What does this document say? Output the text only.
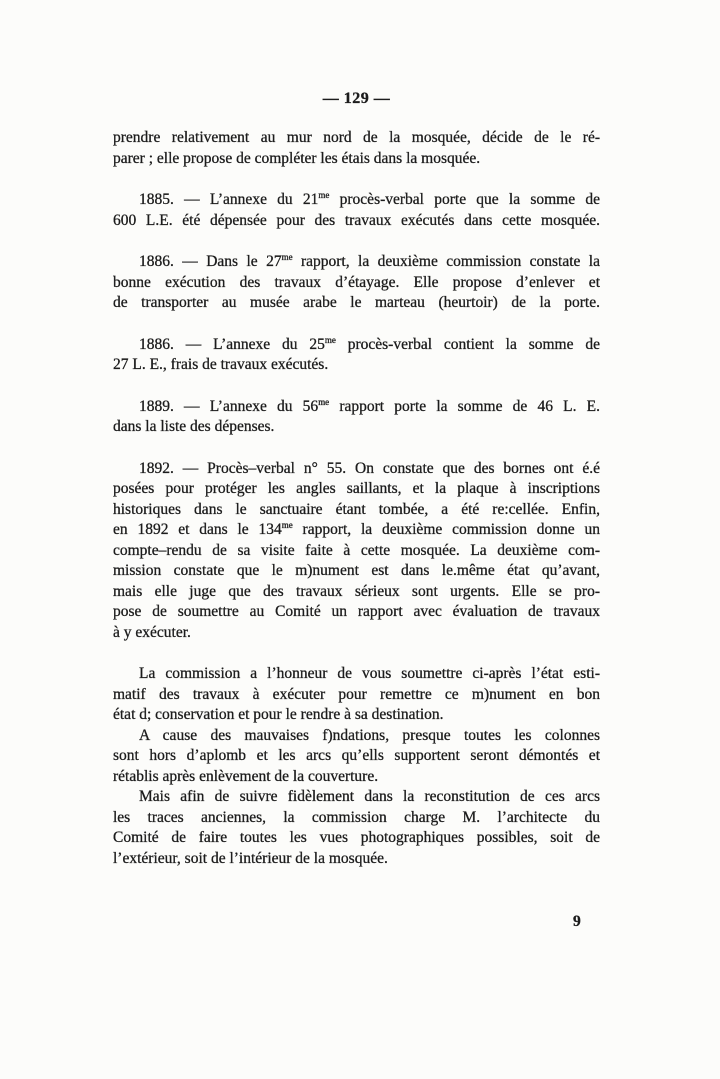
— 129 —
prendre relativement au mur nord de la mosquée, décide de le ré-
parer ; elle propose de compléter les étais dans la mosquée.
1885. — L’annexe du $21^{me}$ procès-verbal porte que la somme de
600 L.E. été dépensée pour des travaux exécutés dans cette mosquée.
1886. — Dans le $27^{me}$ rapport, la deuxième commission constate la
bonne exécution des travaux d’étayage. Elle propose d’enlever et
de transporter au musée arabe le marteau (heurtoir) de la porte.
1886. — L’annexe du $25^{me}$ procès-verbal contient la somme de
27 L. E., frais de travaux exécutés.
1889. — L’annexe du $56^{me}$ rapport porte la somme de 46 L. E.
dans la liste des dépenses.
1892. — Procès–verbal n° 55. On constate que des bornes ont é.é
posées pour protéger les angles saillants, et la plaque à inscriptions
historiques dans le sanctuaire étant tombée, a été re:cellée. Enfin,
en 1892 et dans le $134^{me}$ rapport, la deuxième commission donne un
compte–rendu de sa visite faite à cette mosquée. La deuxième com-
mission constate que le m)nument est dans le.même état qu’avant,
mais elle juge que des travaux sérieux sont urgents. Elle se pro-
pose de soumettre au Comité un rapport avec évaluation de travaux
à y exécuter.
La commission a l’honneur de vous soumettre ci-après l’état esti-
matif des travaux à exécuter pour remettre ce m)nument en bon
état d; conservation et pour le rendre à sa destination.
A cause des mauvaises f)ndations, presque toutes les colonnes
sont hors d’aplomb et les arcs qu’ells supportent seront démontés et
rétablis après enlèvement de la couverture.
Mais afin de suivre fidèlement dans la reconstitution de ces arcs
les traces anciennes, la commission charge M. l’architecte du
Comité de faire toutes les vues photographiques possibles, soit de
l’extérieur, soit de l’intérieur de la mosquée.
9
